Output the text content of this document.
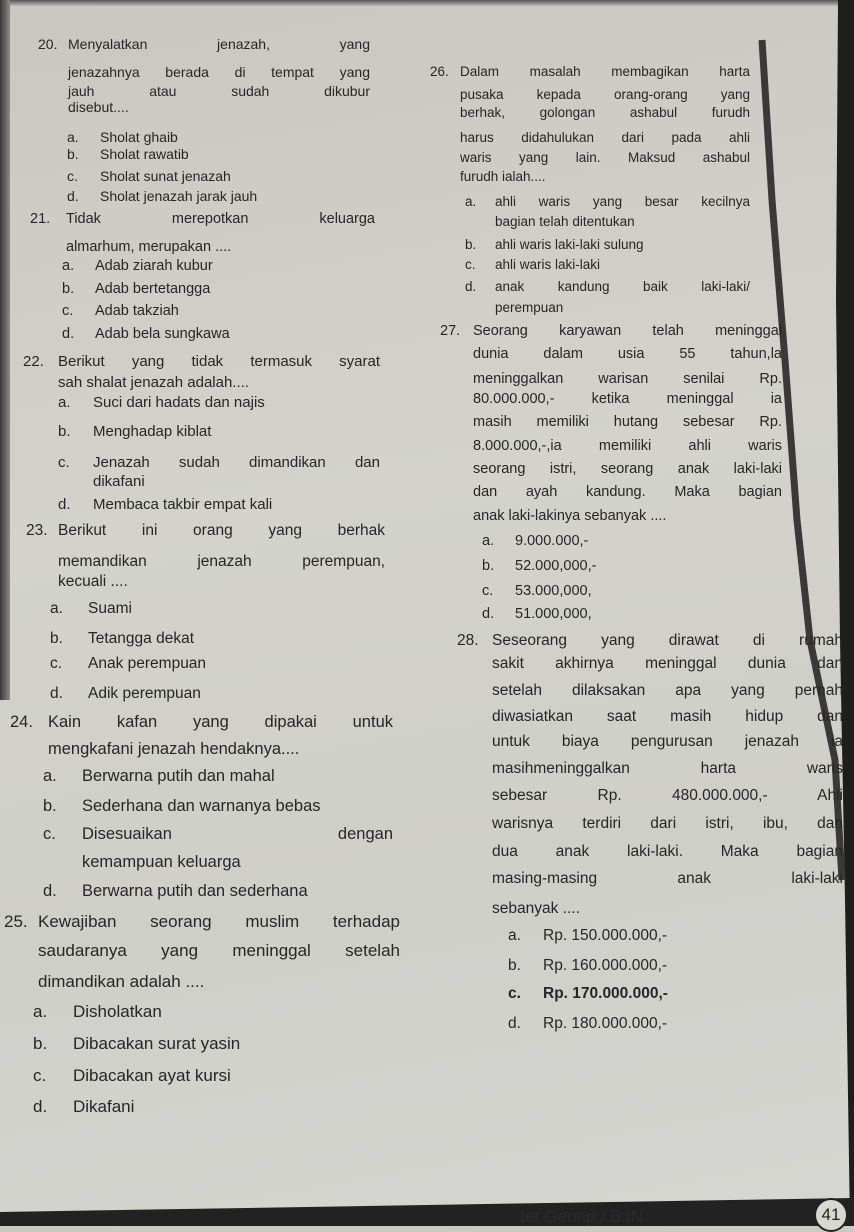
20. Menyalatkan jenazah, yang
jenazahnya berada di tempat yang
jauh atau sudah dikubur
disebut....
a. Sholat ghaib
b. Sholat rawatib
c. Sholat sunat jenazah
d. Sholat jenazah jarak jauh
21. Tidak merepotkan keluarga
almarhum, merupakan ....
a. Adab ziarah kubur
b. Adab bertetangga
c. Adab takziah
d. Adab bela sungkawa
22. Berikut yang tidak termasuk syarat
sah shalat jenazah adalah....
a. Suci dari hadats dan najis
b. Menghadap kiblat
c. Jenazah sudah dimandikan dan
dikafani
d. Membaca takbir empat kali
23. Berikut ini orang yang berhak
memandikan jenazah perempuan,
kecuali ....
a. Suami
b. Tetangga dekat
c. Anak perempuan
d. Adik perempuan
24. Kain kafan yang dipakai untuk
mengkafani jenazah hendaknya....
a. Berwarna putih dan mahal
b. Sederhana dan warnanya bebas
c. Disesuaikan dengan
kemampuan keluarga
d. Berwarna putih dan sederhana
25. Kewajiban seorang muslim terhadap
saudaranya yang meninggal setelah
dimandikan adalah ....
a. Disholatkan
b. Dibacakan surat yasin
c. Dibacakan ayat kursi
d. Dikafani
26. Dalam masalah membagikan harta
pusaka kepada orang-orang yang
berhak, golongan ashabul furudh
harus didahulukan dari pada ahli
waris yang lain. Maksud ashabul
furudh ialah....
a. ahli waris yang besar kecilnya
bagian telah ditentukan
b. ahli waris laki-laki sulung
c. ahli waris laki-laki
d. anak kandung baik laki-laki/
perempuan
27. Seorang karyawan telah meninggal
dunia dalam usia 55 tahun,la
meninggalkan warisan senilai Rp.
80.000.000,- ketika meninggal ia
masih memiliki hutang sebesar Rp.
8.000.000,-,ia memiliki ahli waris
seorang istri, seorang anak laki-laki
dan ayah kandung. Maka bagian
anak laki-lakinya sebanyak ....
a. 9.000.000,-
b. 52.000,000,-
c. 53.000,000,
d. 51.000,000,
28. Seseorang yang dirawat di rumah
sakit akhirnya meninggal dunia dan
setelah dilaksakan apa yang pernah
diwasiatkan saat masih hidup dan
untuk biaya pengurusan jenazah ia
masihmeninggalkan harta waris
sebesar Rp. 480.000.000,- Ahli
warisnya terdiri dari istri, ibu, dan
dua anak laki-laki. Maka bagian
masing-masing anak laki-laki
sebanyak ....
a. Rp. 150.000.000,-
b. Rp. 160.000.000,-
c. Rp. 170.000.000,-
d. Rp. 180.000.000,-
ter Genap / B.IN	41
